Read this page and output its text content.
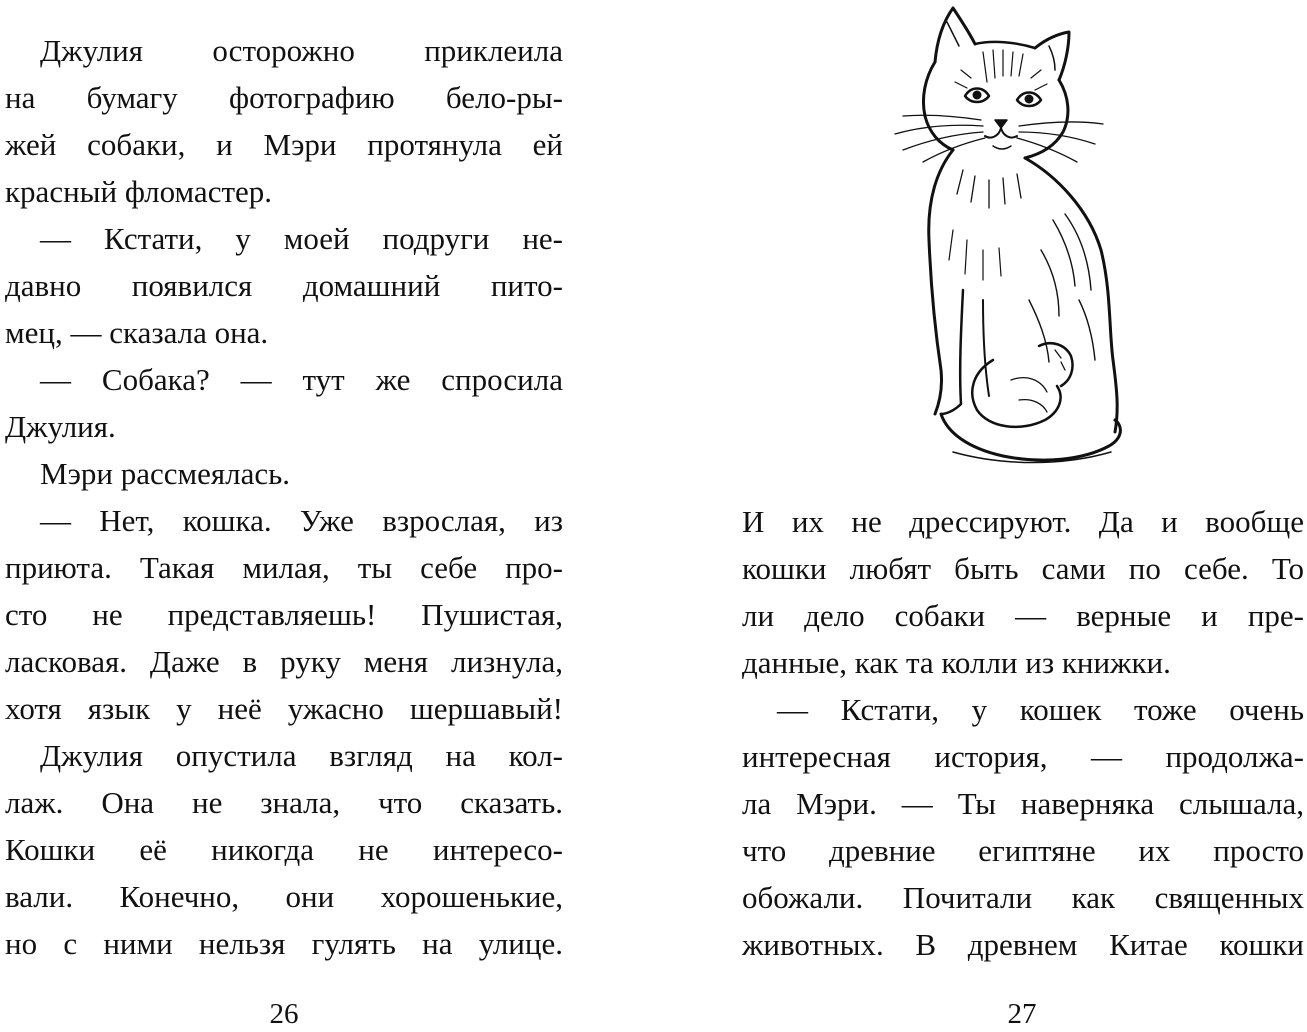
Джулия осторожно приклеила
на бумагу фотографию бело-ры-
жей собаки, и Мэри протянула ей
красный фломастер.
— Кстати, у моей подруги не-
давно появился домашний пито-
мец, — сказала она.
— Собака? — тут же спросила
Джулия.
Мэри рассмеялась.
— Нет, кошка. Уже взрослая, из
приюта. Такая милая, ты себе про-
сто не представляешь! Пушистая,
ласковая. Даже в руку меня лизнула,
хотя язык у неё ужасно шершавый!
Джулия опустила взгляд на кол-
лаж. Она не знала, что сказать.
Кошки её никогда не интересо-
вали. Конечно, они хорошенькие,
но с ними нельзя гулять на улице.
26
И их не дрессируют. Да и вообще
кошки любят быть сами по себе. То
ли дело собаки — верные и пре-
данные, как та колли из книжки.
— Кстати, у кошек тоже очень
интересная история, — продолжа-
ла Мэри. — Ты наверняка слышала,
что древние египтяне их просто
обожали. Почитали как священных
животных. В древнем Китае кошки
27
